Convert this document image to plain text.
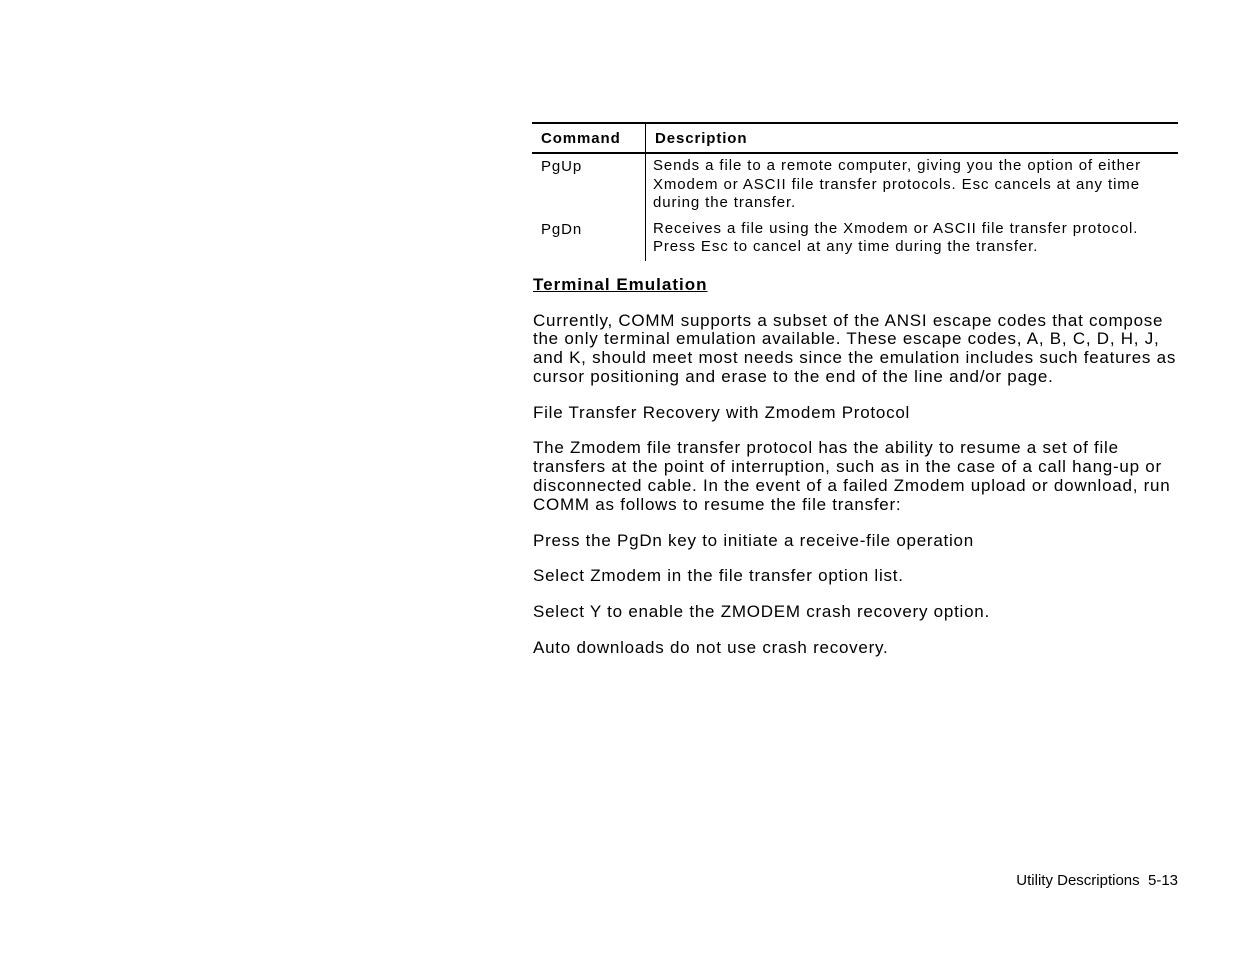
Command	Description
PgUp	Sends a file to a remote computer, giving you the option of either Xmodem or ASCII file transfer protocols. Esc cancels at any time during the transfer.
PgDn	Receives a file using the Xmodem or ASCII file transfer protocol. Press Esc to cancel at any time during the transfer.
Terminal Emulation

Currently, COMM supports a subset of the ANSI escape codes that compose the only terminal emulation available. These escape codes, A, B, C, D, H, J, and K, should meet most needs since the emulation includes such features as cursor positioning and erase to the end of the line and/or page.

File Transfer Recovery with Zmodem Protocol

The Zmodem file transfer protocol has the ability to resume a set of file transfers at the point of interruption, such as in the case of a call hang-up or disconnected cable. In the event of a failed Zmodem upload or download, run COMM as follows to resume the file transfer:

Press the PgDn key to initiate a receive-file operation

Select Zmodem in the file transfer option list.

Select Y to enable the ZMODEM crash recovery option.

Auto downloads do not use crash recovery.

Utility Descriptions  5-13
